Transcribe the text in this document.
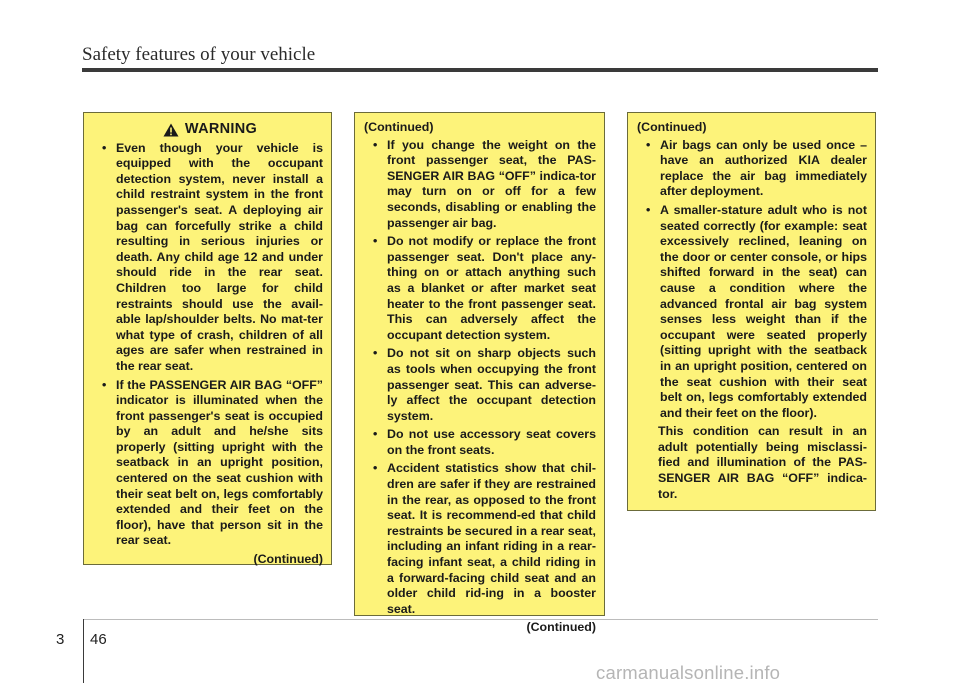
Safety features of your vehicle
WARNING
• Even though your vehicle is equipped with the occupant detection system, never install a child restraint system in the front passenger's seat. A deploying air bag can forcefully strike a child resulting in serious injuries or death. Any child age 12 and under should ride in the rear seat. Children too large for child restraints should use the avail-able lap/shoulder belts. No mat-ter what type of crash, children of all ages are safer when restrained in the rear seat.
• If the PASSENGER AIR BAG “OFF” indicator is illuminated when the front passenger's seat is occupied by an adult and he/she sits properly (sitting upright with the seatback in an upright position, centered on the seat cushion with their seat belt on, legs comfortably extended and their feet on the floor), have that person sit in the rear seat.
(Continued)
(Continued)
• If you change the weight on the front passenger seat, the PAS-SENGER AIR BAG “OFF” indica-tor may turn on or off for a few seconds, disabling or enabling the passenger air bag.
• Do not modify or replace the front passenger seat. Don't place any-thing on or attach anything such as a blanket or after market seat heater to the front passenger seat. This can adversely affect the occupant detection system.
• Do not sit on sharp objects such as tools when occupying the front passenger seat. This can adverse-ly affect the occupant detection system.
• Do not use accessory seat covers on the front seats.
• Accident statistics show that chil-dren are safer if they are restrained in the rear, as opposed to the front seat. It is recommend-ed that child restraints be secured in a rear seat, including an infant riding in a rear-facing infant seat, a child riding in a forward-facing child seat and an older child rid-ing in a booster seat.
(Continued)
(Continued)
• Air bags can only be used once – have an authorized KIA dealer replace the air bag immediately after deployment.
• A smaller-stature adult who is not seated correctly (for example: seat excessively reclined, leaning on the door or center console, or hips shifted forward in the seat) can cause a condition where the advanced frontal air bag system senses less weight than if the occupant were seated properly (sitting upright with the seatback in an upright position, centered on the seat cushion with their seat belt on, legs comfortably extended and their feet on the floor).
This condition can result in an adult potentially being misclassi-fied and illumination of the PAS-SENGER AIR BAG “OFF” indica-tor.
3 46
carmanualsonline.info
